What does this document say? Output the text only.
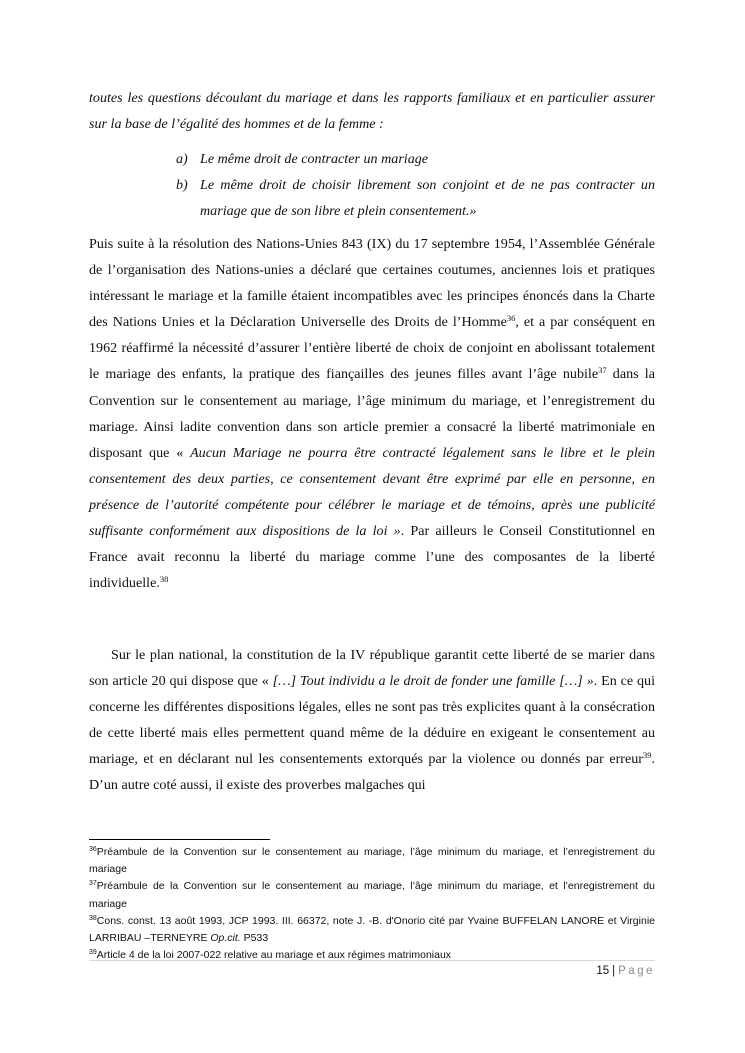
toutes les questions découlant du mariage et dans les rapports familiaux et en particulier assurer sur la base de l’égalité des hommes et de la femme :

a) Le même droit de contracter un mariage
b) Le même droit de choisir librement son conjoint et de ne pas contracter un mariage que de son libre et plein consentement.»

Puis suite à la résolution des Nations-Unies 843 (IX) du 17 septembre 1954, l’Assemblée Générale de l’organisation des Nations-unies a déclaré que certaines coutumes, anciennes lois et pratiques intéressant le mariage et la famille étaient incompatibles avec les principes énoncés dans la Charte des Nations Unies et la Déclaration Universelle des Droits de l’Homme$^{36}$, et a par conséquent en 1962 réaffirmé la nécessité d’assurer l’entière liberté de choix de conjoint en abolissant totalement le mariage des enfants, la pratique des fiançailles des jeunes filles avant l’âge nubile$^{37}$ dans la Convention sur le consentement au mariage, l’âge minimum du mariage, et l’enregistrement du mariage. Ainsi ladite convention dans son article premier a consacré la liberté matrimoniale en disposant que « Aucun Mariage ne pourra être contracté légalement sans le libre et le plein consentement des deux parties, ce consentement devant être exprimé par elle en personne, en présence de l’autorité compétente pour célébrer le mariage et de témoins, après une publicité suffisante conformément aux dispositions de la loi ». Par ailleurs le Conseil Constitutionnel en France avait reconnu la liberté du mariage comme l’une des composantes de la liberté individuelle.$^{38}$

Sur le plan national, la constitution de la IV république garantit cette liberté de se marier dans son article 20 qui dispose que « […] Tout individu a le droit de fonder une famille […] ». En ce qui concerne les différentes dispositions légales, elles ne sont pas très explicites quant à la consécration de cette liberté mais elles permettent quand même de la déduire en exigeant le consentement au mariage, et en déclarant nul les consentements extorqués par la violence ou donnés par erreur$^{39}$. D’un autre coté aussi, il existe des proverbes malgaches qui

$^{36}$Préambule de la Convention sur le consentement au mariage, l’âge minimum du mariage, et l’enregistrement du mariage

$^{37}$Préambule de la Convention sur le consentement au mariage, l’âge minimum du mariage, et l’enregistrement du mariage

$^{38}$Cons. const. 13 août 1993, JCP 1993. III. 66372, note J. -B. d'Onorio cité par Yvaine BUFFELAN LANORE et Virginie LARRIBAU –TERNEYRE Op.cit. P533

$^{39}$Article 4 de la loi 2007-022 relative au mariage et aux régimes matrimoniaux

15 | Page
